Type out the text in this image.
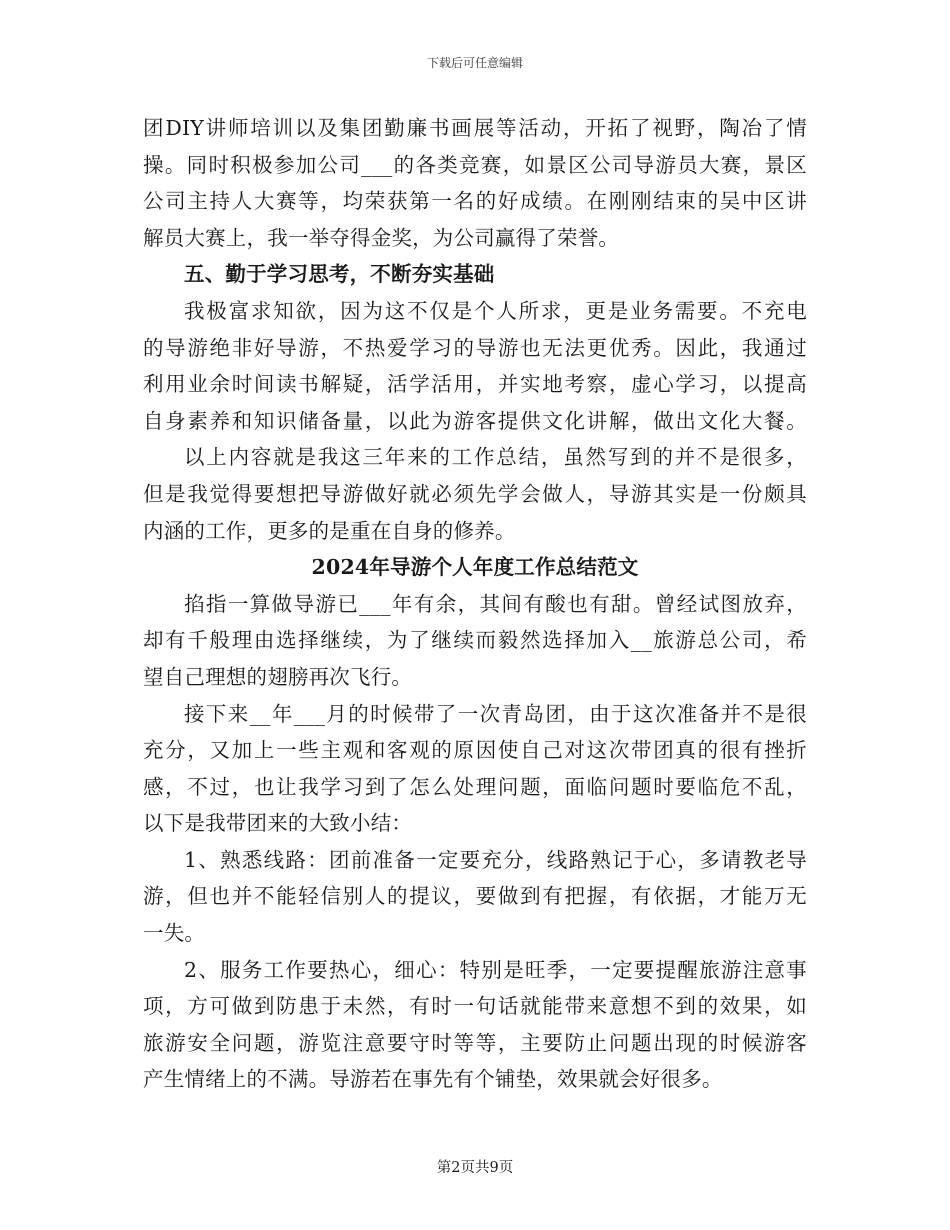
下载后可任意编辑
团DIY讲师培训以及集团勤廉书画展等活动，开拓了视野，陶冶了情
操。同时积极参加公司___的各类竞赛，如景区公司导游员大赛，景区
公司主持人大赛等，均荣获第一名的好成绩。在刚刚结束的吴中区讲
解员大赛上，我一举夺得金奖，为公司赢得了荣誉。
五、勤于学习思考，不断夯实基础
我极富求知欲，因为这不仅是个人所求，更是业务需要。不充电
的导游绝非好导游，不热爱学习的导游也无法更优秀。因此，我通过
利用业余时间读书解疑，活学活用，并实地考察，虚心学习，以提高
自身素养和知识储备量，以此为游客提供文化讲解，做出文化大餐。
以上内容就是我这三年来的工作总结，虽然写到的并不是很多，
但是我觉得要想把导游做好就必须先学会做人，导游其实是一份颇具
内涵的工作，更多的是重在自身的修养。
2024年导游个人年度工作总结范文
掐指一算做导游已___年有余，其间有酸也有甜。曾经试图放弃，
却有千般理由选择继续，为了继续而毅然选择加入__旅游总公司，希
望自己理想的翅膀再次飞行。
接下来__年___月的时候带了一次青岛团，由于这次准备并不是很
充分，又加上一些主观和客观的原因使自己对这次带团真的很有挫折
感，不过，也让我学习到了怎么处理问题，面临问题时要临危不乱，
以下是我带团来的大致小结：
1、熟悉线路：团前准备一定要充分，线路熟记于心，多请教老导
游，但也并不能轻信别人的提议，要做到有把握，有依据，才能万无
一失。
2、服务工作要热心，细心：特别是旺季，一定要提醒旅游注意事
项，方可做到防患于未然，有时一句话就能带来意想不到的效果，如
旅游安全问题，游览注意要守时等等，主要防止问题出现的时候游客
产生情绪上的不满。导游若在事先有个铺垫，效果就会好很多。
第2页共9页
